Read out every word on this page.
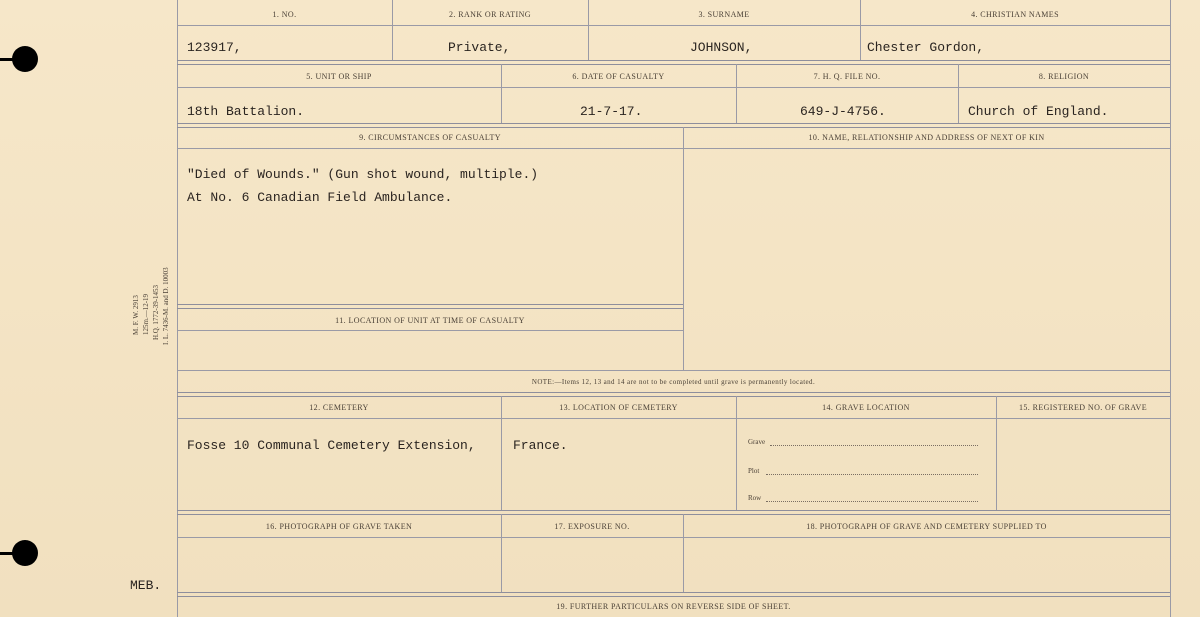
M. F. W. 2913 125m.—12-19 H.Q. 1772-39-1453 I. L. 7436-M. and D. 10003
MEB.
1. NO.	2. RANK OR RATING	3. SURNAME	4. CHRISTIAN NAMES
123917,	Private,	JOHNSON,	Chester Gordon,
5. UNIT OR SHIP	6. DATE OF CASUALTY	7. H. Q. FILE NO.	8. RELIGION
18th Battalion.	21-7-17.	649-J-4756.	Church of England.
9. CIRCUMSTANCES OF CASUALTY	10. NAME, RELATIONSHIP AND ADDRESS OF NEXT OF KIN
"Died of Wounds." (Gun shot wound, multiple.)
At No. 6 Canadian Field Ambulance.
11. LOCATION OF UNIT AT TIME OF CASUALTY
NOTE:—Items 12, 13 and 14 are not to be completed until grave is permanently located.
12. CEMETERY	13. LOCATION OF CEMETERY	14. GRAVE LOCATION	15. REGISTERED NO. OF GRAVE
Fosse 10 Communal Cemetery Extension,	France.	Grave
Plot
Row
16. PHOTOGRAPH OF GRAVE TAKEN	17. EXPOSURE NO.	18. PHOTOGRAPH OF GRAVE AND CEMETERY SUPPLIED TO
19. FURTHER PARTICULARS ON REVERSE SIDE OF SHEET.
